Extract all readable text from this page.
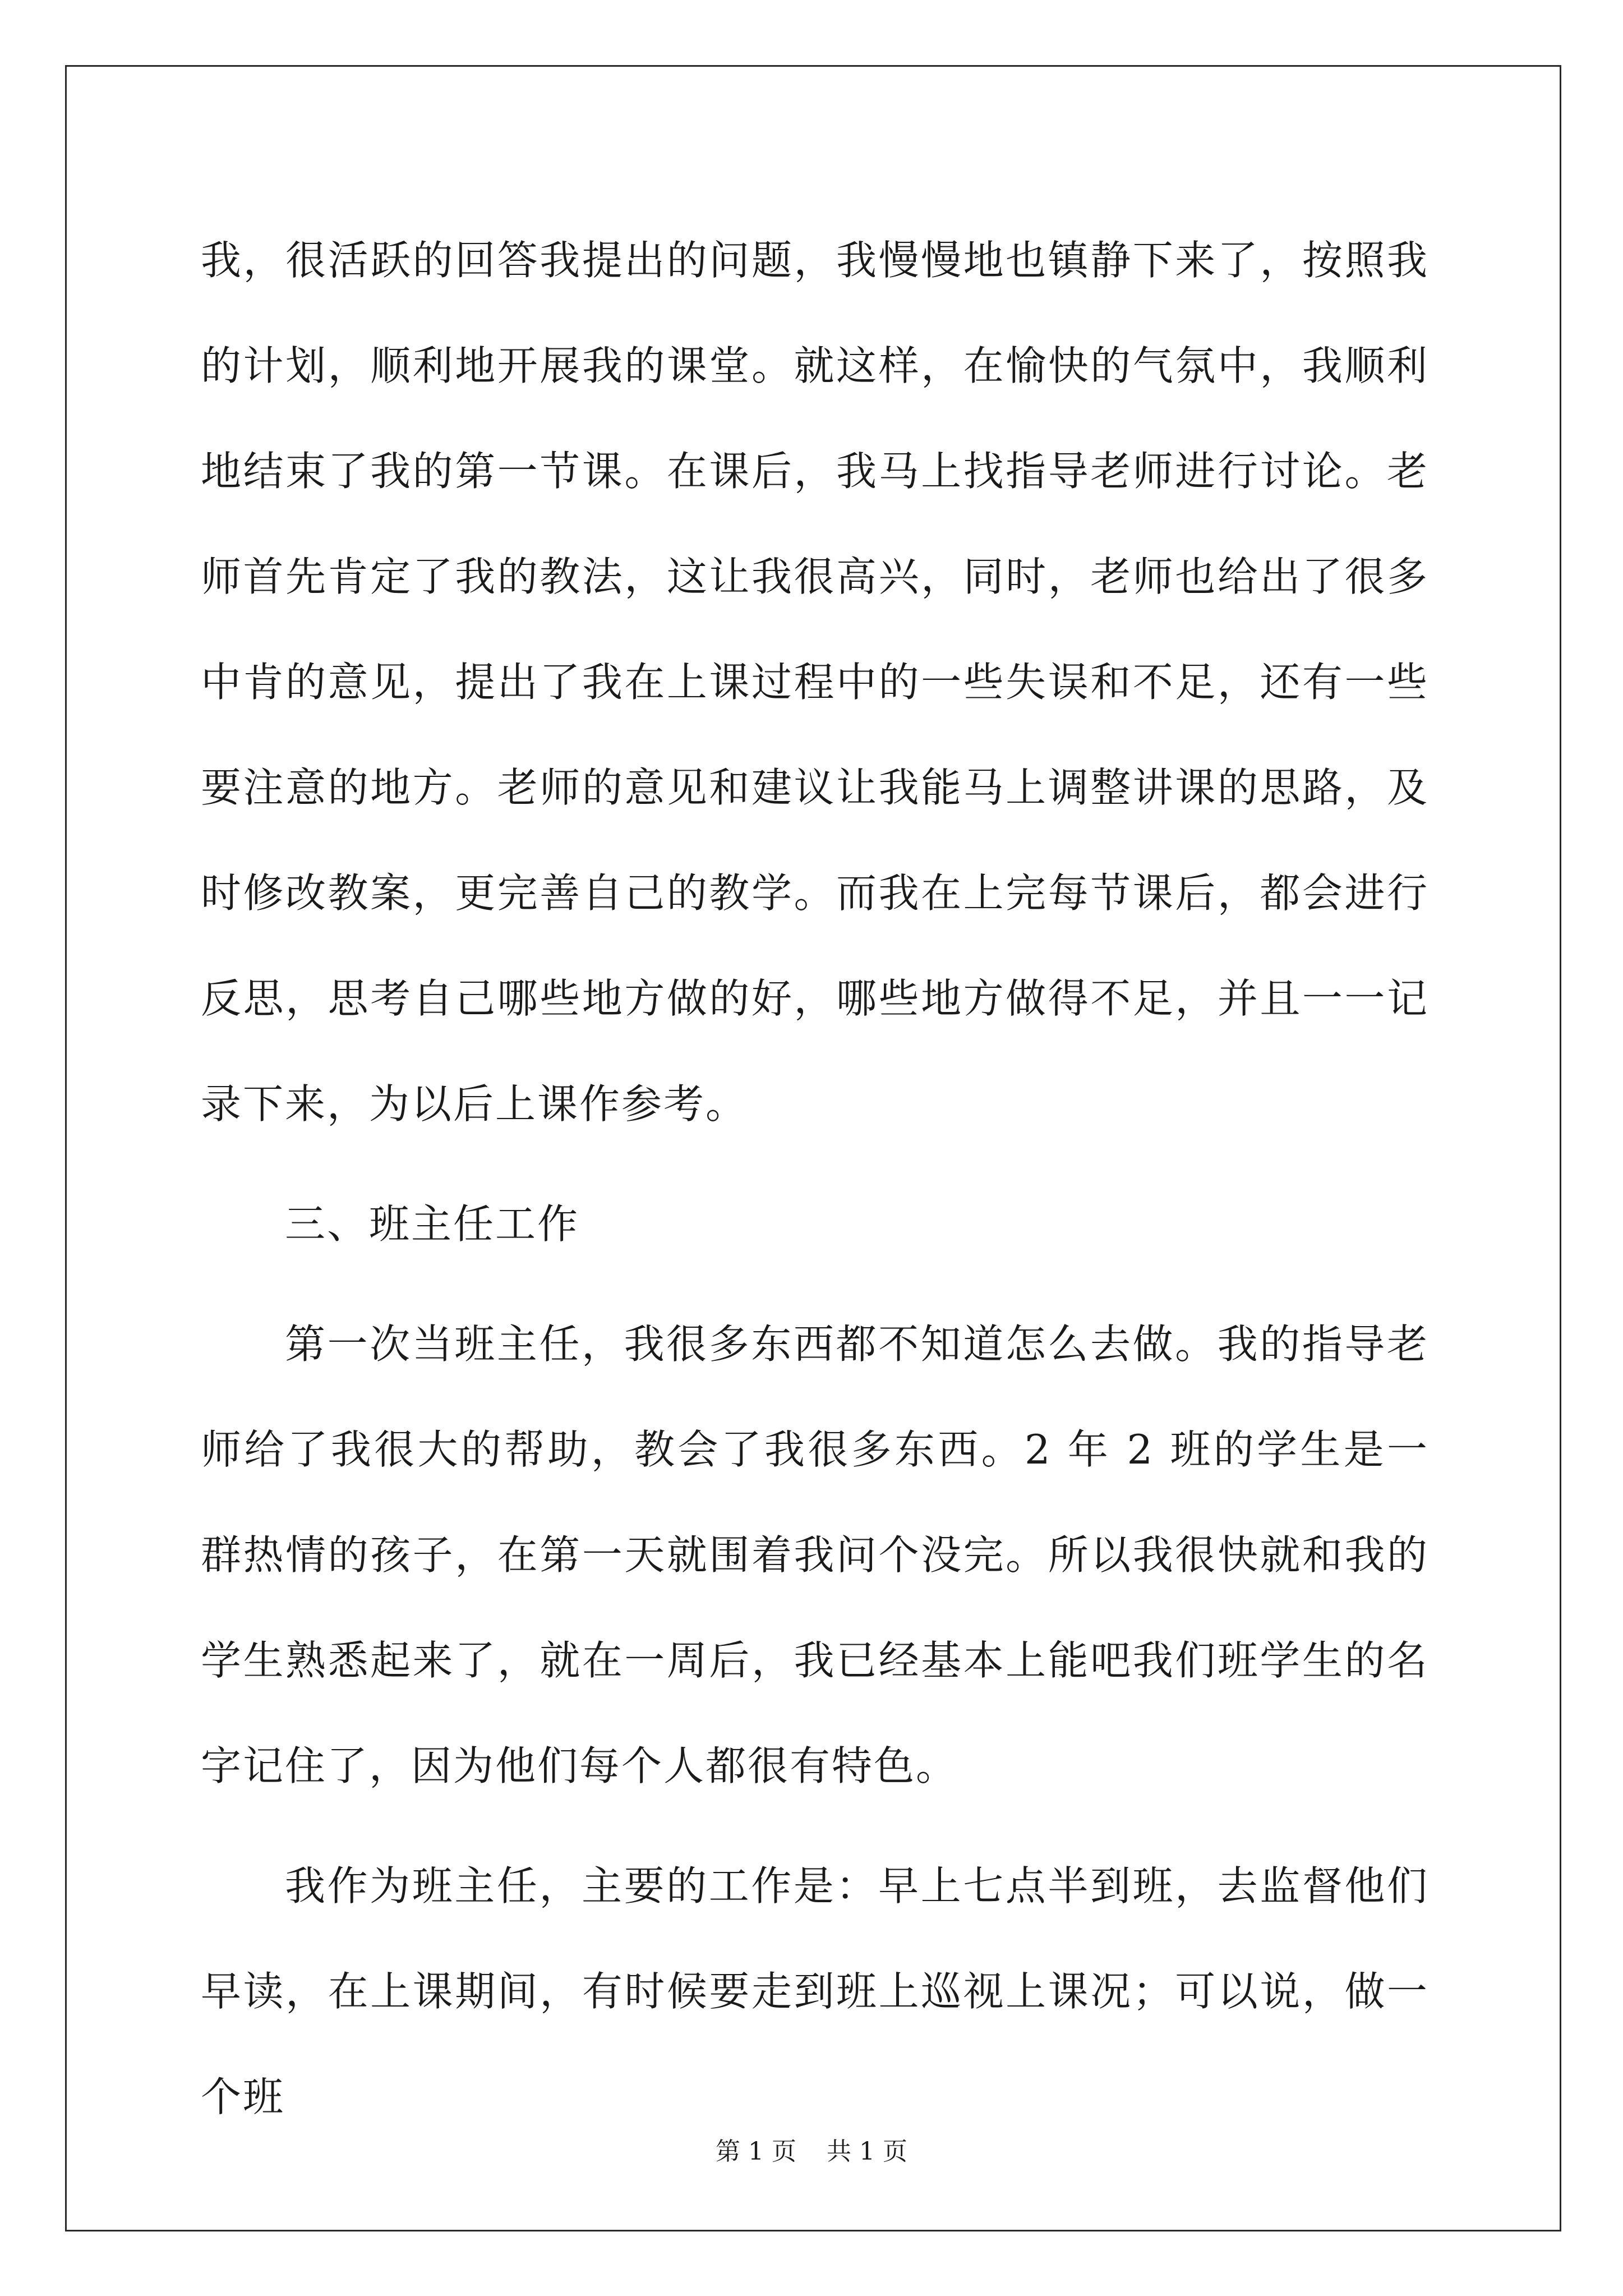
我，很活跃的回答我提出的问题，我慢慢地也镇静下来了，按照我的计划，顺利地开展我的课堂。就这样，在愉快的气氛中，我顺利地结束了我的第一节课。在课后，我马上找指导老师进行讨论。老师首先肯定了我的教法，这让我很高兴，同时，老师也给出了很多中肯的意见，提出了我在上课过程中的一些失误和不足，还有一些要注意的地方。老师的意见和建议让我能马上调整讲课的思路，及时修改教案，更完善自己的教学。而我在上完每节课后，都会进行反思，思考自己哪些地方做的好，哪些地方做得不足，并且一一记录下来，为以后上课作参考。

三、班主任工作

第一次当班主任，我很多东西都不知道怎么去做。我的指导老师给了我很大的帮助，教会了我很多东西。2 年 2 班的学生是一群热情的孩子，在第一天就围着我问个没完。所以我很快就和我的学生熟悉起来了，就在一周后，我已经基本上能吧我们班学生的名字记住了，因为他们每个人都很有特色。

我作为班主任，主要的工作是：早上七点半到班，去监督他们早读，在上课期间，有时候要走到班上巡视上课况；可以说，做一个班

第 1 页 共 1 页
